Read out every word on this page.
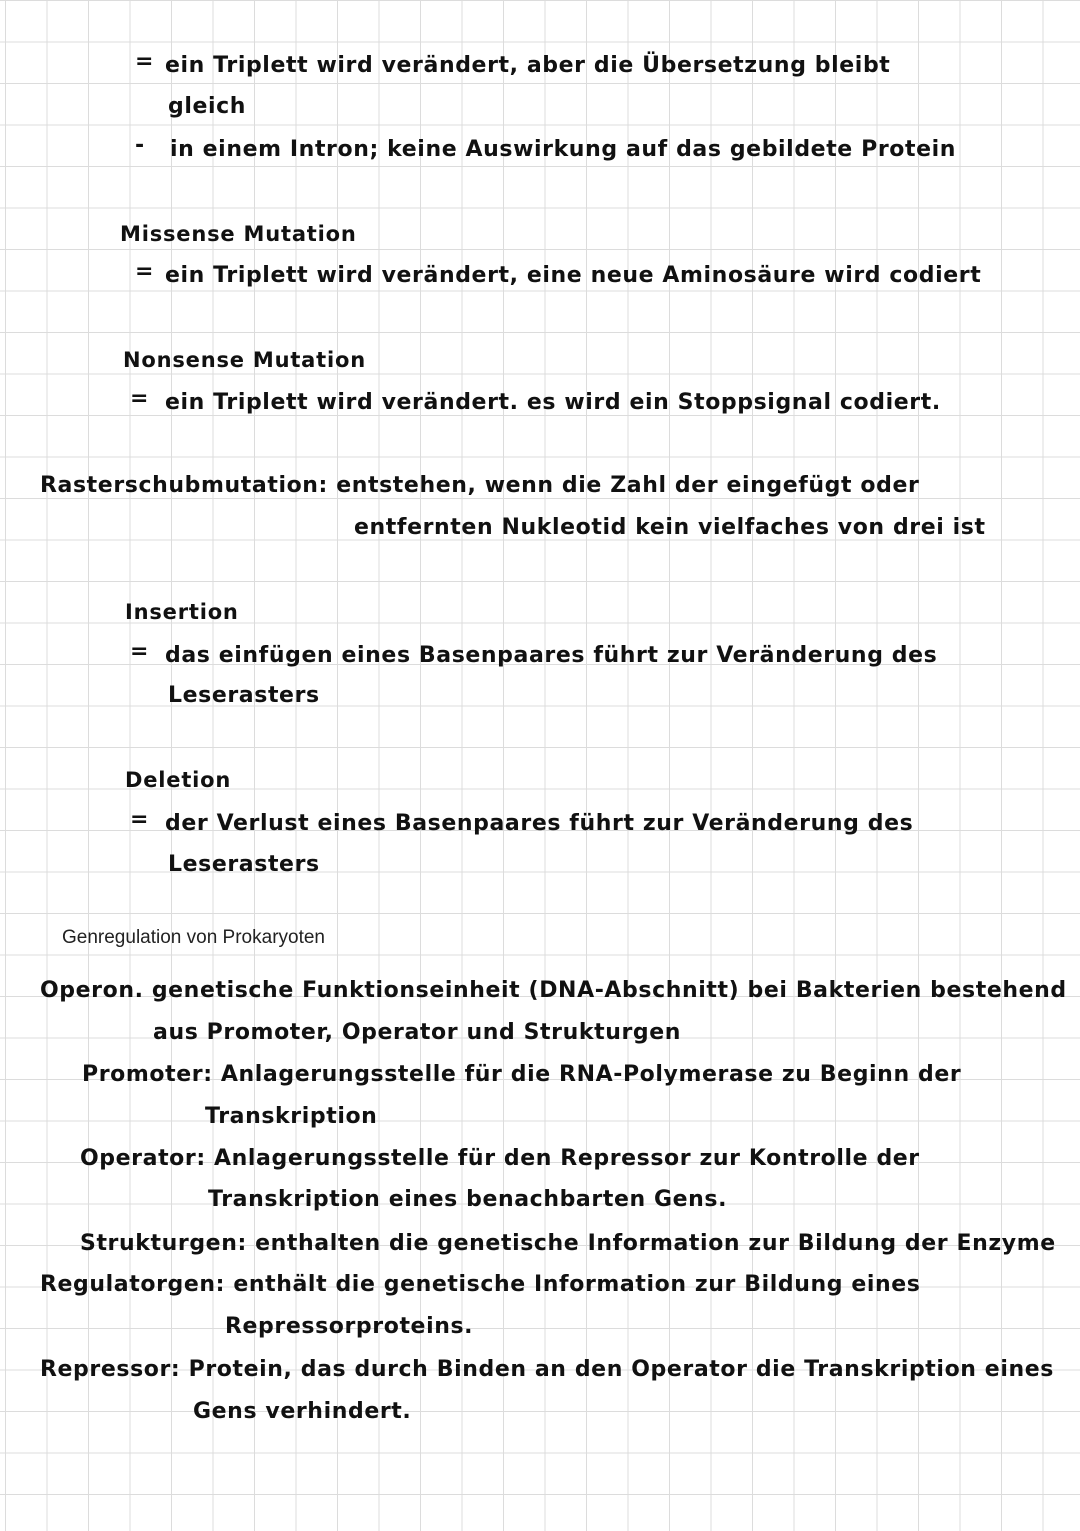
= ein Triplett wird verändert, aber die Übersetzung bleibt
gleich
- in einem Intron; keine Auswirkung auf das gebildete Protein
Missense Mutation
= ein Triplett wird verändert, eine neue Aminosäure wird codiert
Nonsense Mutation
= ein Triplett wird verändert. es wird ein Stoppsignal codiert.
Rasterschubmutation: entstehen, wenn die Zahl der eingefügt oder
entfernten Nukleotid kein vielfaches von drei ist
Insertion
= das einfügen eines Basenpaares führt zur Veränderung des
Leserasters
Deletion
= der Verlust eines Basenpaares führt zur Veränderung des
Leserasters
Genregulation von Prokaryoten
Operon. genetische Funktionseinheit (DNA-Abschnitt) bei Bakterien bestehend
aus Promoter, Operator und Strukturgen
Promoter: Anlagerungsstelle für die RNA-Polymerase zu Beginn der
Transkription
Operator: Anlagerungsstelle für den Repressor zur Kontrolle der
Transkription eines benachbarten Gens.
Strukturgen: enthalten die genetische Information zur Bildung der Enzyme
Regulatorgen: enthält die genetische Information zur Bildung eines
Repressorproteins.
Repressor: Protein, das durch Binden an den Operator die Transkription eines
Gens verhindert.
